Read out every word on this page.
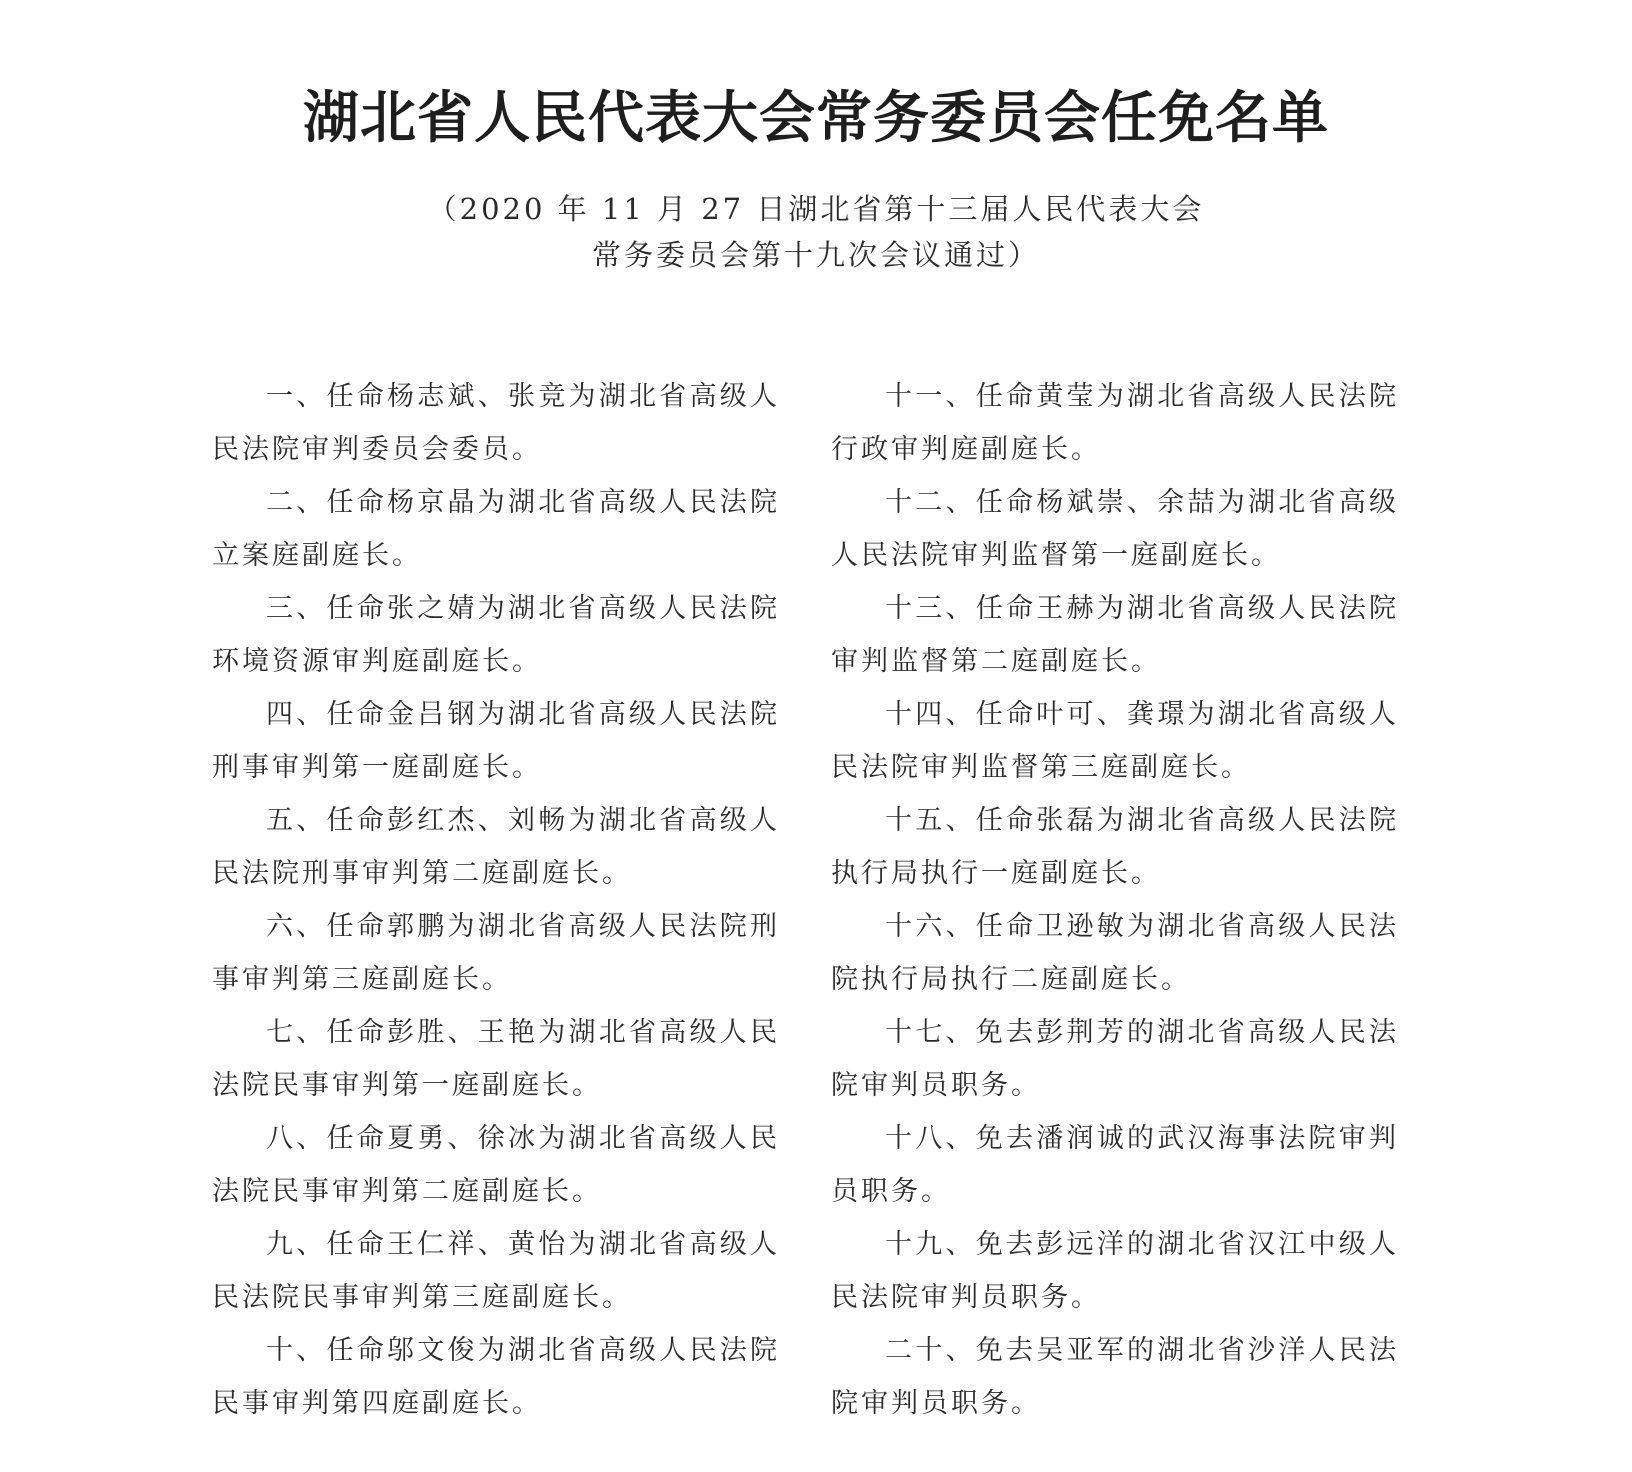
湖北省人民代表大会常务委员会任免名单
（2020 年 11 月 27 日湖北省第十三届人民代表大会
常务委员会第十九次会议通过）

一、任命杨志斌、张竞为湖北省高级人民法院审判委员会委员。

二、任命杨京晶为湖北省高级人民法院立案庭副庭长。

三、任命张之婧为湖北省高级人民法院环境资源审判庭副庭长。

四、任命金吕钢为湖北省高级人民法院刑事审判第一庭副庭长。

五、任命彭红杰、刘畅为湖北省高级人民法院刑事审判第二庭副庭长。

六、任命郭鹏为湖北省高级人民法院刑事审判第三庭副庭长。

七、任命彭胜、王艳为湖北省高级人民法院民事审判第一庭副庭长。

八、任命夏勇、徐冰为湖北省高级人民法院民事审判第二庭副庭长。

九、任命王仁祥、黄怡为湖北省高级人民法院民事审判第三庭副庭长。

十、任命邬文俊为湖北省高级人民法院民事审判第四庭副庭长。

十一、任命黄莹为湖北省高级人民法院行政审判庭副庭长。

十二、任命杨斌崇、余喆为湖北省高级人民法院审判监督第一庭副庭长。

十三、任命王赫为湖北省高级人民法院审判监督第二庭副庭长。

十四、任命叶可、龚璟为湖北省高级人民法院审判监督第三庭副庭长。

十五、任命张磊为湖北省高级人民法院执行局执行一庭副庭长。

十六、任命卫逊敏为湖北省高级人民法院执行局执行二庭副庭长。

十七、免去彭荆芳的湖北省高级人民法院审判员职务。

十八、免去潘润诚的武汉海事法院审判员职务。

十九、免去彭远洋的湖北省汉江中级人民法院审判员职务。

二十、免去吴亚军的湖北省沙洋人民法院审判员职务。
